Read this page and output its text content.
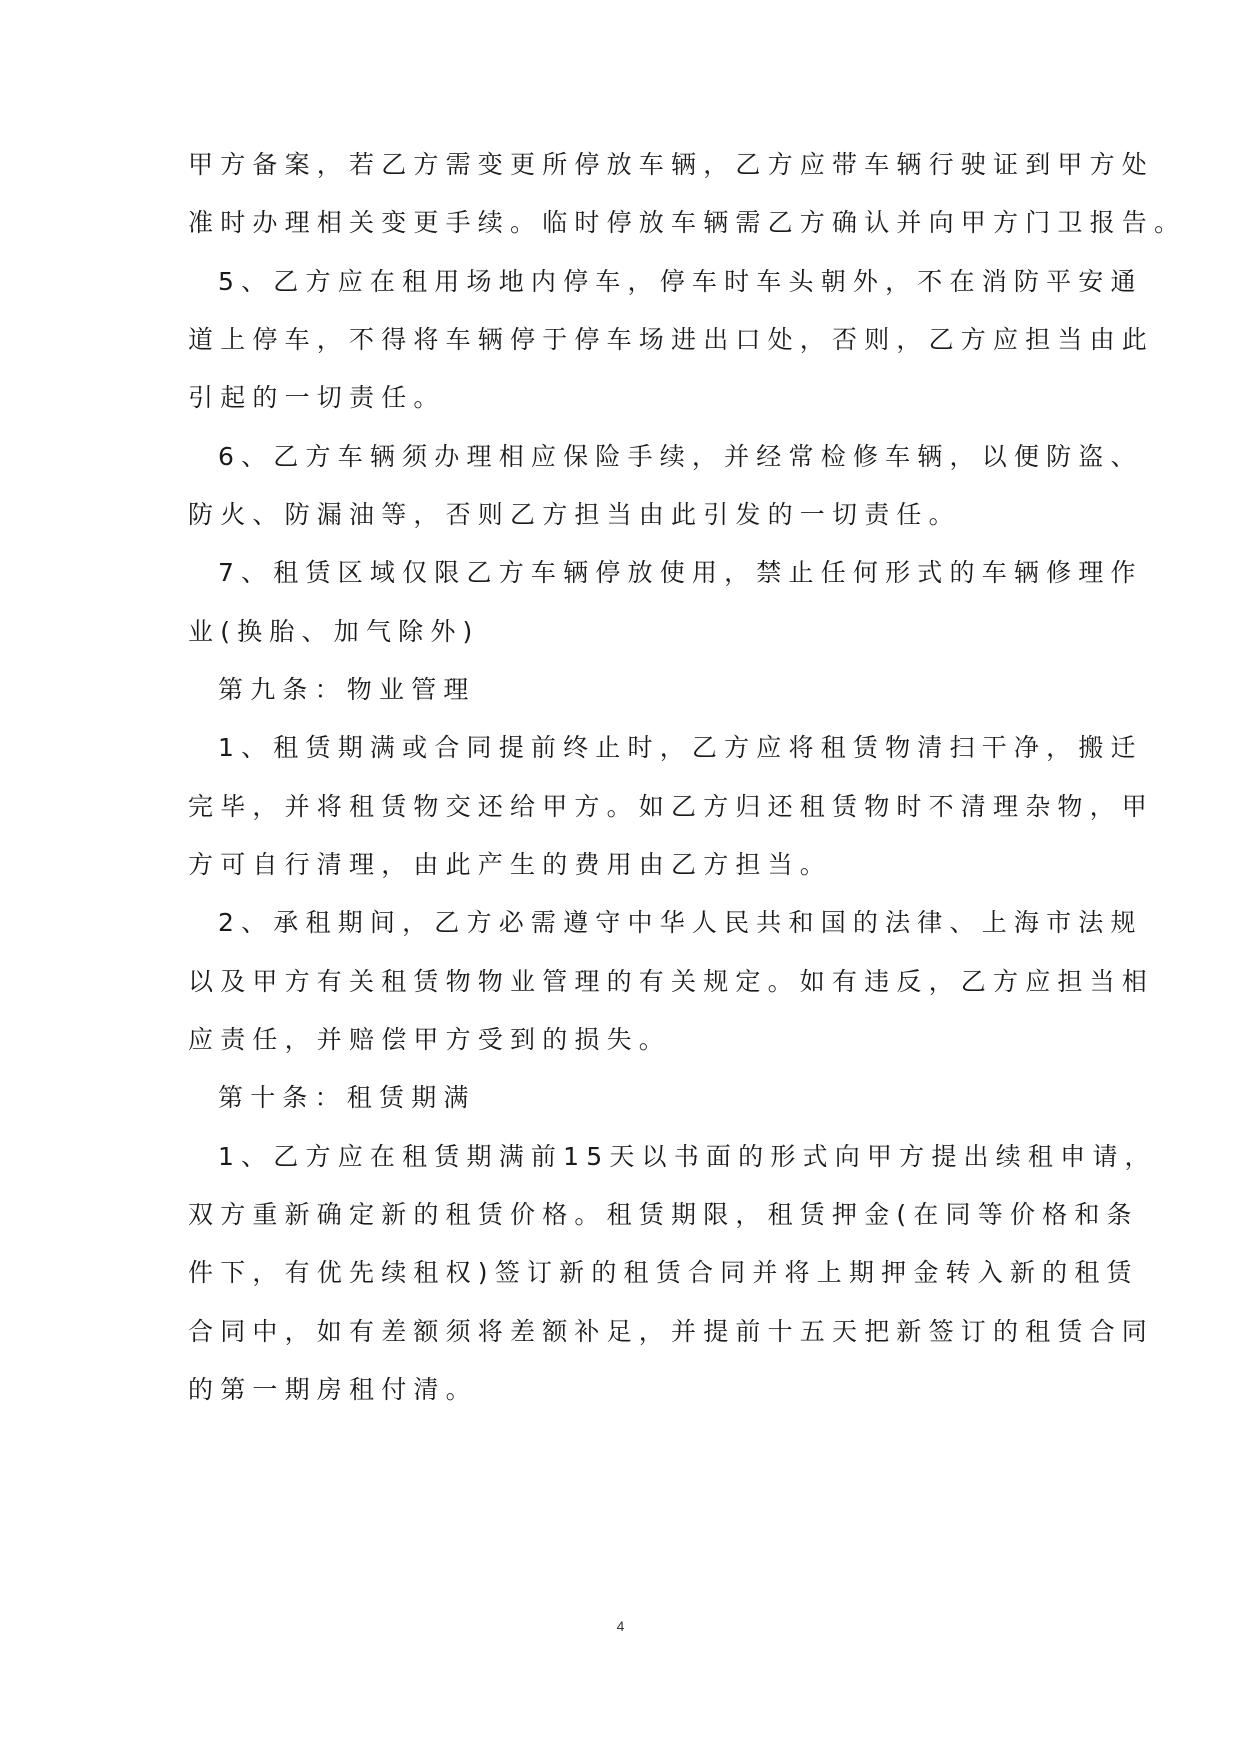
甲方备案，若乙方需变更所停放车辆，乙方应带车辆行驶证到甲方处
准时办理相关变更手续。临时停放车辆需乙方确认并向甲方门卫报告。
5、乙方应在租用场地内停车，停车时车头朝外，不在消防平安通
道上停车，不得将车辆停于停车场进出口处，否则，乙方应担当由此
引起的一切责任。
6、乙方车辆须办理相应保险手续，并经常检修车辆，以便防盗、
防火、防漏油等，否则乙方担当由此引发的一切责任。
7、租赁区域仅限乙方车辆停放使用，禁止任何形式的车辆修理作
业(换胎、加气除外)
第九条：物业管理
1、租赁期满或合同提前终止时，乙方应将租赁物清扫干净，搬迁
完毕，并将租赁物交还给甲方。如乙方归还租赁物时不清理杂物，甲
方可自行清理，由此产生的费用由乙方担当。
2、承租期间，乙方必需遵守中华人民共和国的法律、上海市法规
以及甲方有关租赁物物业管理的有关规定。如有违反，乙方应担当相
应责任，并赔偿甲方受到的损失。
第十条：租赁期满
1、乙方应在租赁期满前15天以书面的形式向甲方提出续租申请，
双方重新确定新的租赁价格。租赁期限，租赁押金(在同等价格和条
件下，有优先续租权)签订新的租赁合同并将上期押金转入新的租赁
合同中，如有差额须将差额补足，并提前十五天把新签订的租赁合同
的第一期房租付清。
4
